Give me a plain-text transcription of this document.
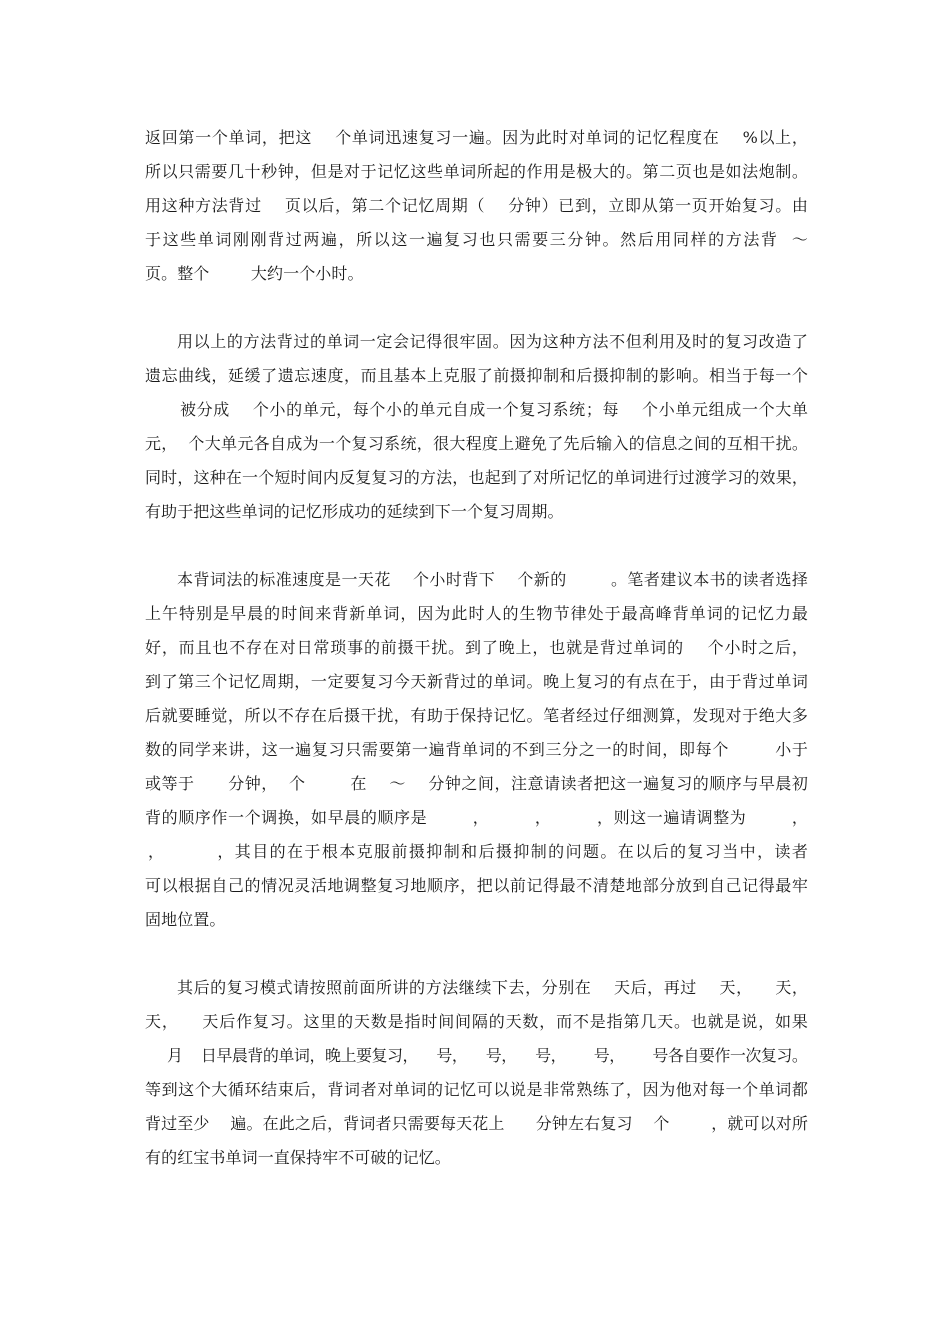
返回第一个单词，把这    个单词迅速复习一遍。因为此时对单词的记忆程度在    %以上，
所以只需要几十秒钟，但是对于记忆这些单词所起的作用是极大的。第二页也是如法炮制。
用这种方法背过    页以后，第二个记忆周期（    分钟）已到，立即从第一页开始复习。由
于这些单词刚刚背过两遍，所以这一遍复习也只需要三分钟。然后用同样的方法背  ～
页。整个        大约一个小时。
用以上的方法背过的单词一定会记得很牢固。因为这种方法不但利用及时的复习改造了
遗忘曲线，延缓了遗忘速度，而且基本上克服了前摄抑制和后摄抑制的影响。相当于每一个
被分成    个小的单元，每个小的单元自成一个复习系统；每    个小单元组成一个大单
元，  个大单元各自成为一个复习系统，很大程度上避免了先后输入的信息之间的互相干扰。
同时，这种在一个短时间内反复复习的方法，也起到了对所记忆的单词进行过渡学习的效果，
有助于把这些单词的记忆形成功的延续到下一个复习周期。
本背词法的标准速度是一天花    个小时背下    个新的        。笔者建议本书的读者选择
上午特别是早晨的时间来背新单词，因为此时人的生物节律处于最高峰背单词的记忆力最
好，而且也不存在对日常琐事的前摄干扰。到了晚上，也就是背过单词的    个小时之后，
到了第三个记忆周期，一定要复习今天新背过的单词。晚上复习的有点在于，由于背过单词
后就要睡觉，所以不存在后摄干扰，有助于保持记忆。笔者经过仔细测算，发现对于绝大多
数的同学来讲，这一遍复习只需要第一遍背单词的不到三分之一的时间，即每个        小于
或等于      分钟，  个        在    ～    分钟之间，注意请读者把这一遍复习的顺序与早晨初
背的顺序作一个调换，如早晨的顺序是        ，        ，        ，则这一遍请调整为        ，
，        ，其目的在于根本克服前摄抑制和后摄抑制的问题。在以后的复习当中，读者
可以根据自己的情况灵活地调整复习地顺序，把以前记得最不清楚地部分放到自己记得最牢
固地位置。
其后的复习模式请按照前面所讲的方法继续下去，分别在    天后，再过    天，    天，
天，    天后作复习。这里的天数是指时间间隔的天数，而不是指第几天。也就是说，如果
月    日早晨背的单词，晚上要复习，    号，    号，    号，      号，      号各自要作一次复习。
等到这个大循环结束后，背词者对单词的记忆可以说是非常熟练了，因为他对每一个单词都
背过至少    遍。在此之后，背词者只需要每天花上      分钟左右复习    个        ，就可以对所
有的红宝书单词一直保持牢不可破的记忆。
